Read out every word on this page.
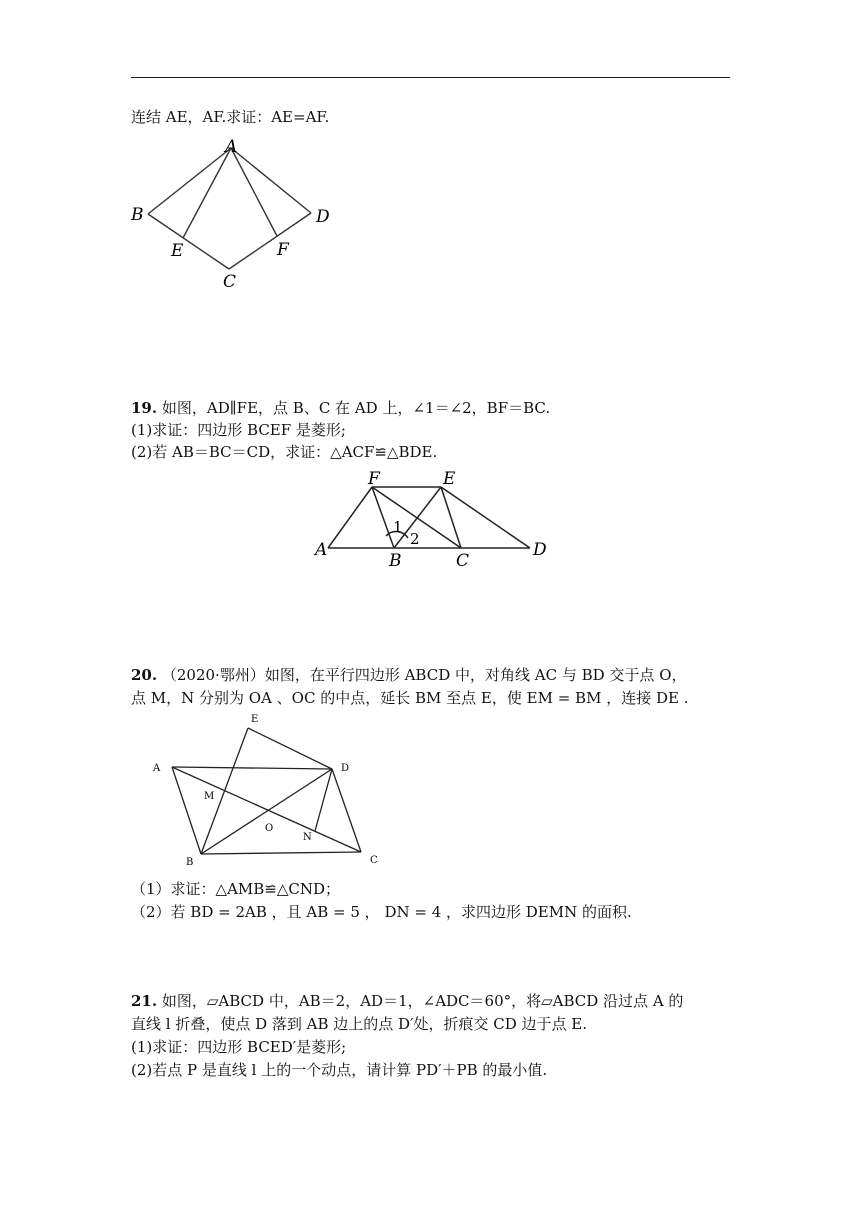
连结 AE，AF.求证：AE=AF.
A
B	D
E	F
C
19. 如图，AD∥FE，点 B、C 在 AD 上，∠1＝∠2，BF＝BC.
(1)求证：四边形 BCEF 是菱形;
(2)若 AB＝BC＝CD，求证：△ACF≌△BDE.
F	E
A
B	C
D
1
2
20. （2020·鄂州）如图，在平行四边形 ABCD 中，对角线 AC 与 BD 交于点 O，
点 M，N 分别为 OA 、OC 的中点，延长 BM 至点 E，使 EM = BM ，连接 DE .
E
A	D
M
O
N
B	C
（1）求证：△AMB≌△CND；
（2）若 BD = 2AB ，且 AB = 5 ， DN = 4 ，求四边形 DEMN 的面积.
21. 如图，▱ABCD 中，AB＝2，AD＝1，∠ADC＝60°，将▱ABCD 沿过点 A 的
直线 l 折叠，使点 D 落到 AB 边上的点 D′处，折痕交 CD 边于点 E.
(1)求证：四边形 BCED′是菱形;
(2)若点 P 是直线 l 上的一个动点，请计算 PD′＋PB 的最小值.
